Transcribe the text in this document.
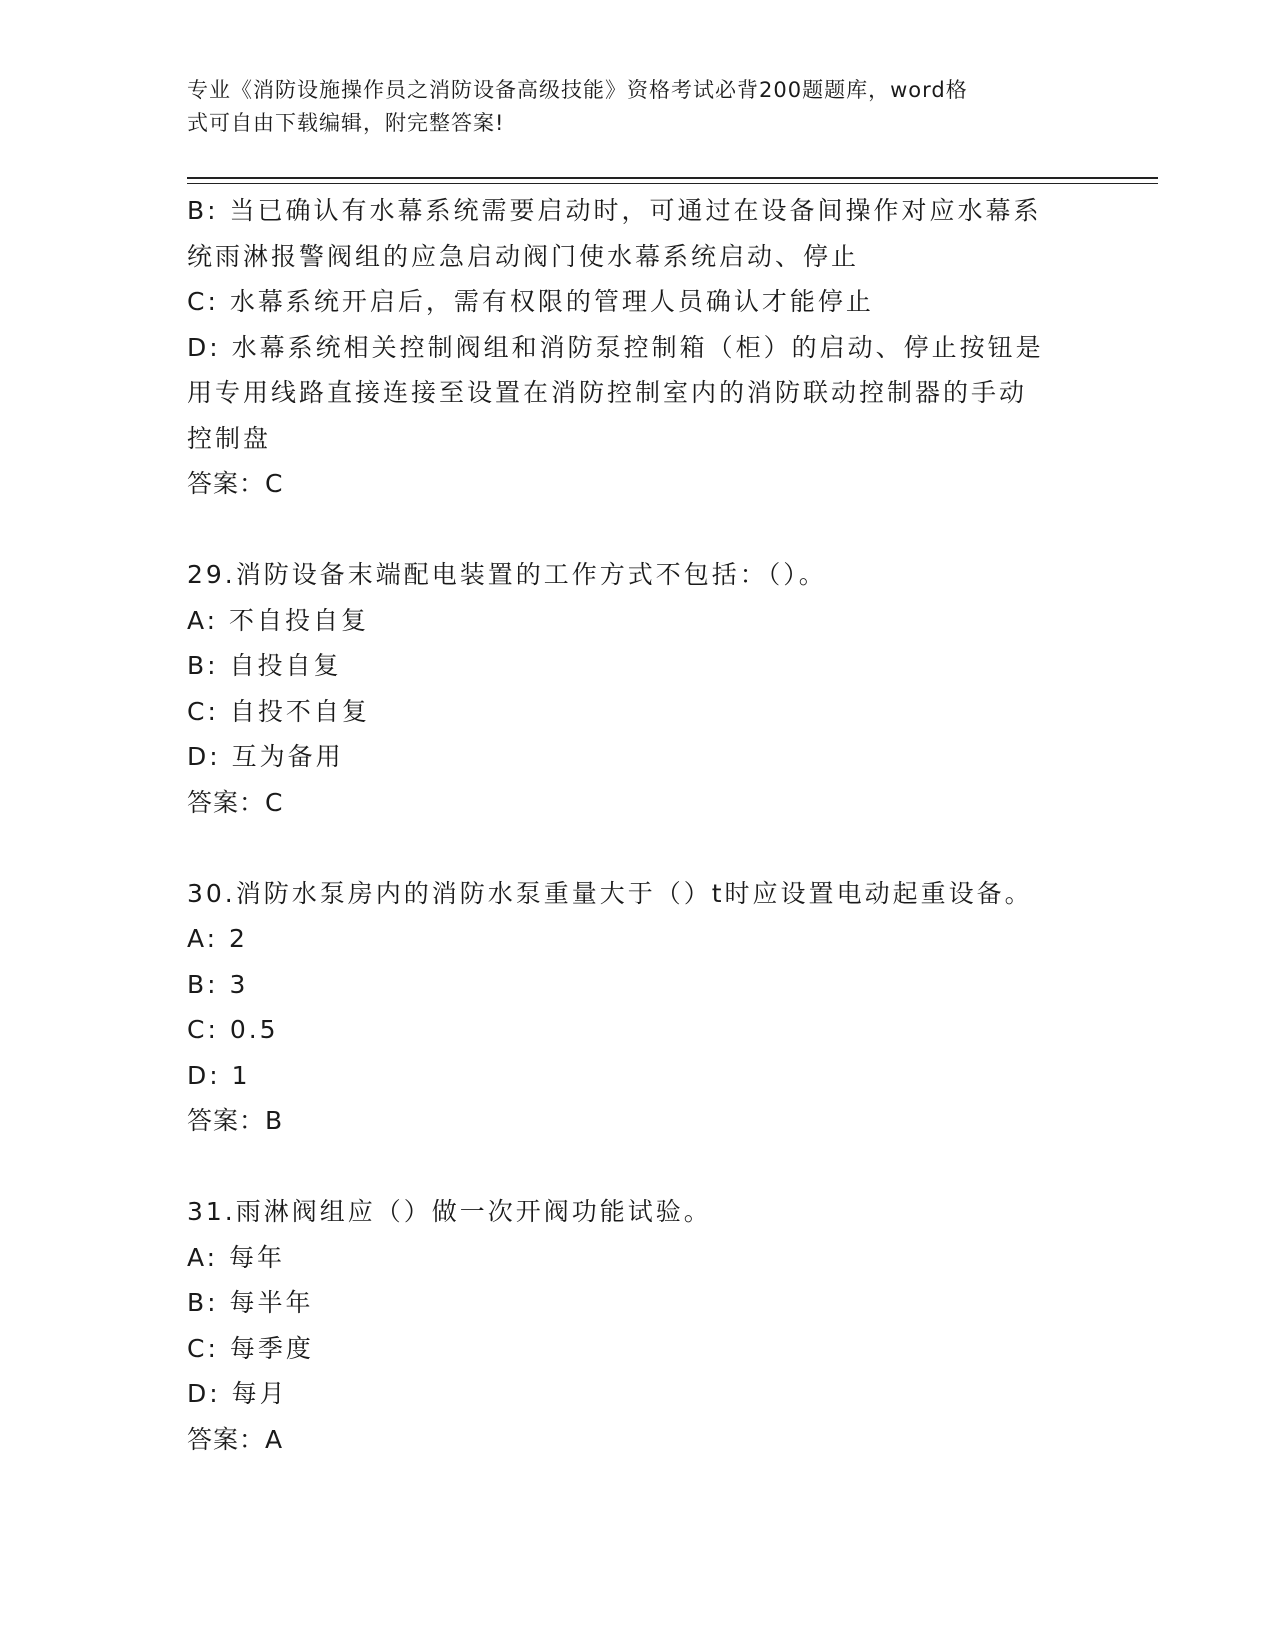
专业《消防设施操作员之消防设备高级技能》资格考试必背200题题库，word格
式可自由下载编辑，附完整答案!
B: 当已确认有水幕系统需要启动时，可通过在设备间操作对应水幕系
统雨淋报警阀组的应急启动阀门使水幕系统启动、停止
C: 水幕系统开启后，需有权限的管理人员确认才能停止
D: 水幕系统相关控制阀组和消防泵控制箱（柜）的启动、停止按钮是
用专用线路直接连接至设置在消防控制室内的消防联动控制器的手动
控制盘
答案：C
29.消防设备末端配电装置的工作方式不包括：（）。
A: 不自投自复
B: 自投自复
C: 自投不自复
D: 互为备用
答案：C
30.消防水泵房内的消防水泵重量大于（）t时应设置电动起重设备。
A: 2
B: 3
C: 0.5
D: 1
答案：B
31.雨淋阀组应（）做一次开阀功能试验。
A: 每年
B: 每半年
C: 每季度
D: 每月
答案：A
